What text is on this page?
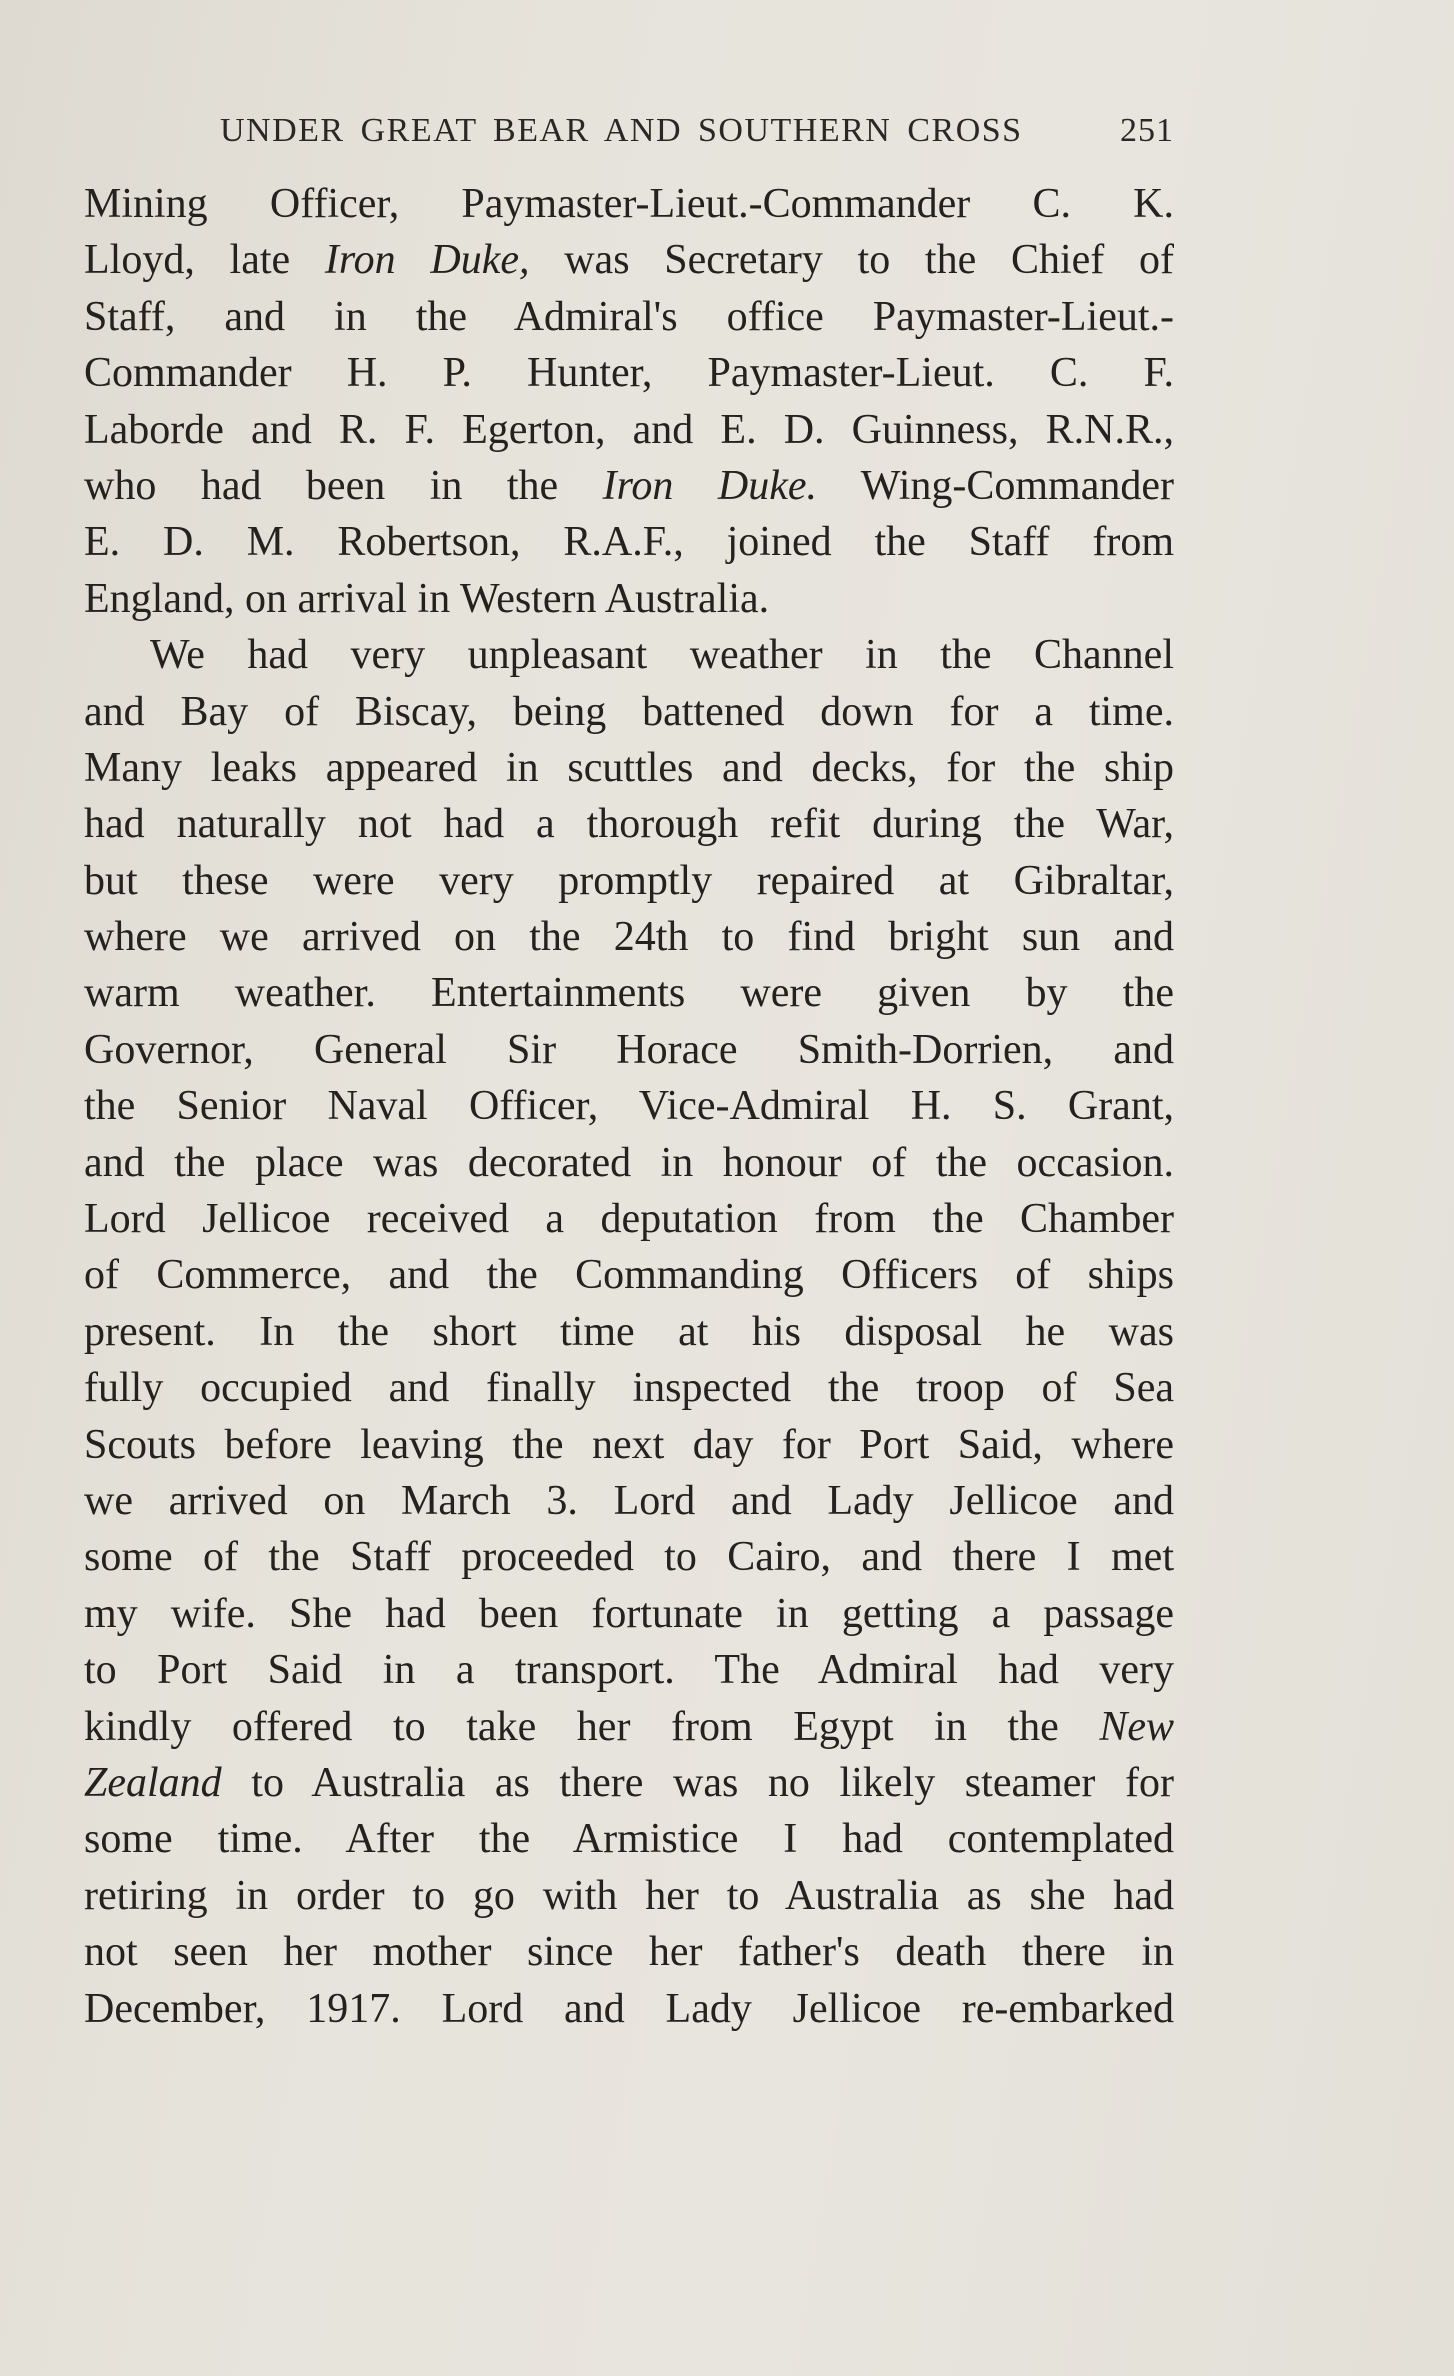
UNDER GREAT BEAR AND SOUTHERN CROSS	251

Mining Officer, Paymaster-Lieut.-Commander C. K.
Lloyd, late Iron Duke, was Secretary to the Chief of
Staff, and in the Admiral's office Paymaster-Lieut.-
Commander H. P. Hunter, Paymaster-Lieut. C. F.
Laborde and R. F. Egerton, and E. D. Guinness, R.N.R.,
who had been in the Iron Duke. Wing-Commander
E. D. M. Robertson, R.A.F., joined the Staff from
England, on arrival in Western Australia.

We had very unpleasant weather in the Channel
and Bay of Biscay, being battened down for a time.
Many leaks appeared in scuttles and decks, for the ship
had naturally not had a thorough refit during the War,
but these were very promptly repaired at Gibraltar,
where we arrived on the 24th to find bright sun and
warm weather. Entertainments were given by the
Governor, General Sir Horace Smith-Dorrien, and
the Senior Naval Officer, Vice-Admiral H. S. Grant,
and the place was decorated in honour of the occasion.
Lord Jellicoe received a deputation from the Chamber
of Commerce, and the Commanding Officers of ships
present. In the short time at his disposal he was
fully occupied and finally inspected the troop of Sea
Scouts before leaving the next day for Port Said, where
we arrived on March 3. Lord and Lady Jellicoe and
some of the Staff proceeded to Cairo, and there I met
my wife. She had been fortunate in getting a passage
to Port Said in a transport. The Admiral had very
kindly offered to take her from Egypt in the New
Zealand to Australia as there was no likely steamer for
some time. After the Armistice I had contemplated
retiring in order to go with her to Australia as she had
not seen her mother since her father's death there in
December, 1917. Lord and Lady Jellicoe re-embarked
